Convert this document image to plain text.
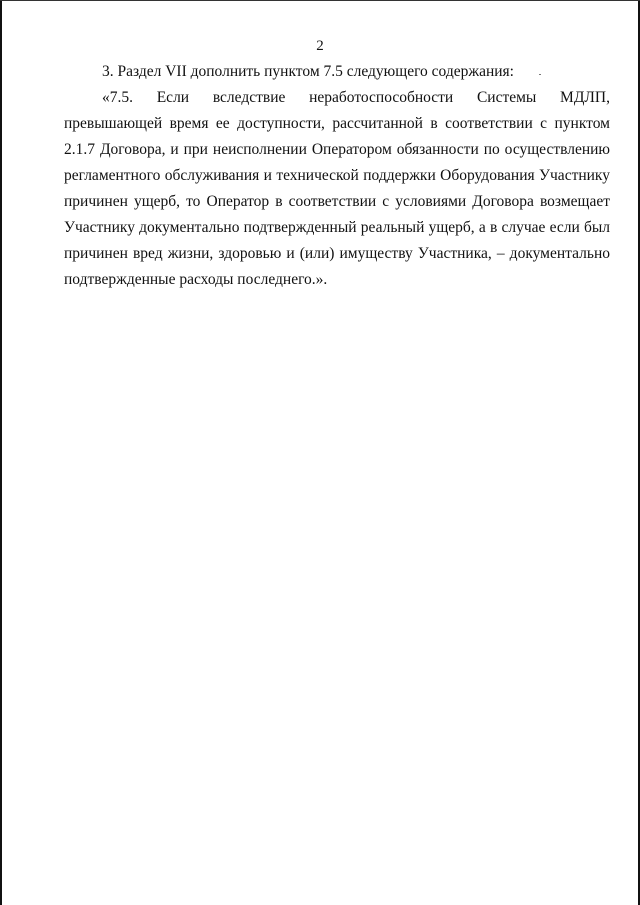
2

3. Раздел VII дополнить пунктом 7.5 следующего содержания:

«7.5. Если вследствие неработоспособности Системы МДЛП, превышающей время ее доступности, рассчитанной в соответствии с пунктом 2.1.7 Договора, и при неисполнении Оператором обязанности по осуществлению регламентного обслуживания и технической поддержки Оборудования Участнику причинен ущерб, то Оператор в соответствии с условиями Договора возмещает Участнику документально подтвержденный реальный ущерб, а в случае если был причинен вред жизни, здоровью и (или) имуществу Участника, – документально подтвержденные расходы последнего.».
